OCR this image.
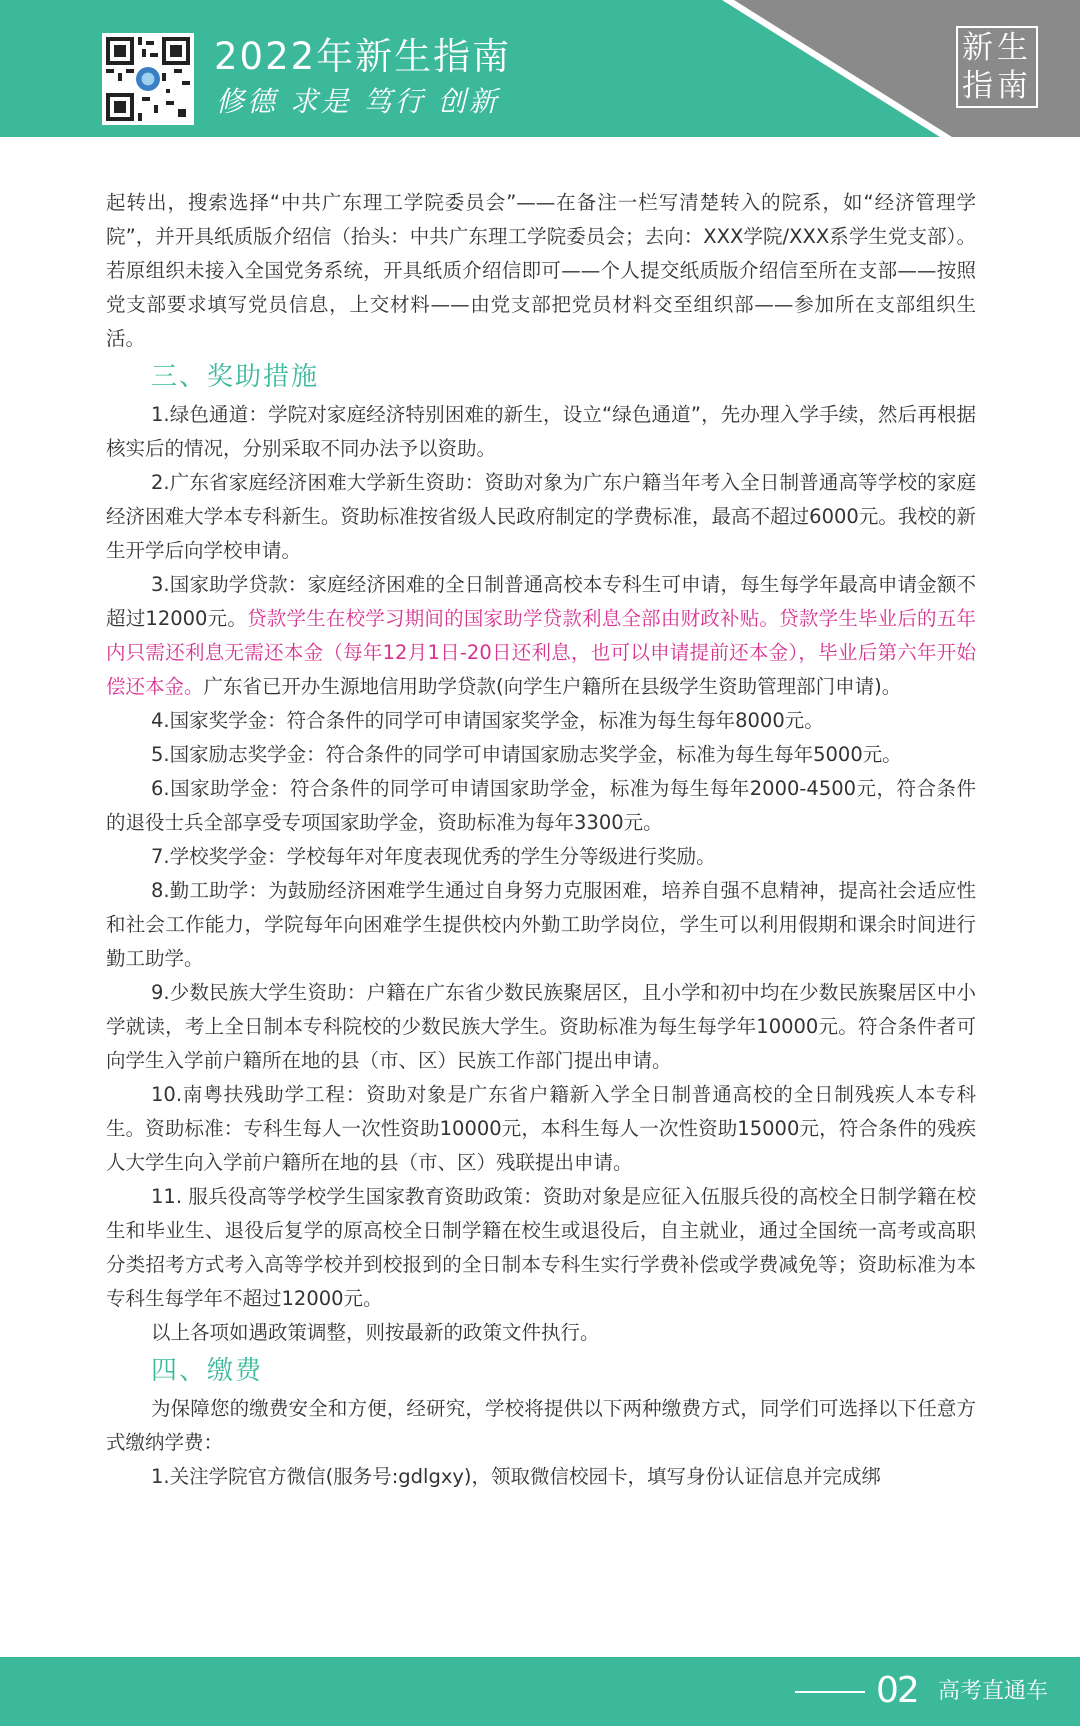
2022年新生指南
修德 求是 笃行 创新
新生
指南

起转出，搜索选择“中共广东理工学院委员会”——在备注一栏写清楚转入的院系，如“经济管理学院”，并开具纸质版介绍信（抬头：中共广东理工学院委员会；去向：XXX学院/XXX系学生党支部）。若原组织未接入全国党务系统，开具纸质介绍信即可——个人提交纸质版介绍信至所在支部——按照党支部要求填写党员信息，上交材料——由党支部把党员材料交至组织部——参加所在支部组织生活。

三、奖助措施

1.绿色通道：学院对家庭经济特别困难的新生，设立“绿色通道”，先办理入学手续，然后再根据核实后的情况，分别采取不同办法予以资助。

2.广东省家庭经济困难大学新生资助：资助对象为广东户籍当年考入全日制普通高等学校的家庭经济困难大学本专科新生。资助标准按省级人民政府制定的学费标准，最高不超过6000元。我校的新生开学后向学校申请。

3.国家助学贷款：家庭经济困难的全日制普通高校本专科生可申请，每生每学年最高申请金额不超过12000元。贷款学生在校学习期间的国家助学贷款利息全部由财政补贴。贷款学生毕业后的五年内只需还利息无需还本金（每年12月1日-20日还利息，也可以申请提前还本金），毕业后第六年开始偿还本金。广东省已开办生源地信用助学贷款(向学生户籍所在县级学生资助管理部门申请)。

4.国家奖学金：符合条件的同学可申请国家奖学金，标准为每生每年8000元。

5.国家励志奖学金：符合条件的同学可申请国家励志奖学金，标准为每生每年5000元。

6.国家助学金：符合条件的同学可申请国家助学金，标准为每生每年2000-4500元，符合条件的退役士兵全部享受专项国家助学金，资助标准为每年3300元。

7.学校奖学金：学校每年对年度表现优秀的学生分等级进行奖励。

8.勤工助学：为鼓励经济困难学生通过自身努力克服困难，培养自强不息精神，提高社会适应性和社会工作能力，学院每年向困难学生提供校内外勤工助学岗位，学生可以利用假期和课余时间进行勤工助学。

9.少数民族大学生资助：户籍在广东省少数民族聚居区，且小学和初中均在少数民族聚居区中小学就读，考上全日制本专科院校的少数民族大学生。资助标准为每生每学年10000元。符合条件者可向学生入学前户籍所在地的县（市、区）民族工作部门提出申请。

10.南粤扶残助学工程：资助对象是广东省户籍新入学全日制普通高校的全日制残疾人本专科生。资助标准：专科生每人一次性资助10000元，本科生每人一次性资助15000元，符合条件的残疾人大学生向入学前户籍所在地的县（市、区）残联提出申请。

11. 服兵役高等学校学生国家教育资助政策：资助对象是应征入伍服兵役的高校全日制学籍在校生和毕业生、退役后复学的原高校全日制学籍在校生或退役后，自主就业，通过全国统一高考或高职分类招考方式考入高等学校并到校报到的全日制本专科生实行学费补偿或学费减免等；资助标准为本专科生每学年不超过12000元。

以上各项如遇政策调整，则按最新的政策文件执行。

四、缴费

为保障您的缴费安全和方便，经研究，学校将提供以下两种缴费方式，同学们可选择以下任意方式缴纳学费：

1.关注学院官方微信(服务号:gdlgxy)，领取微信校园卡，填写身份认证信息并完成绑

02 高考直通车
